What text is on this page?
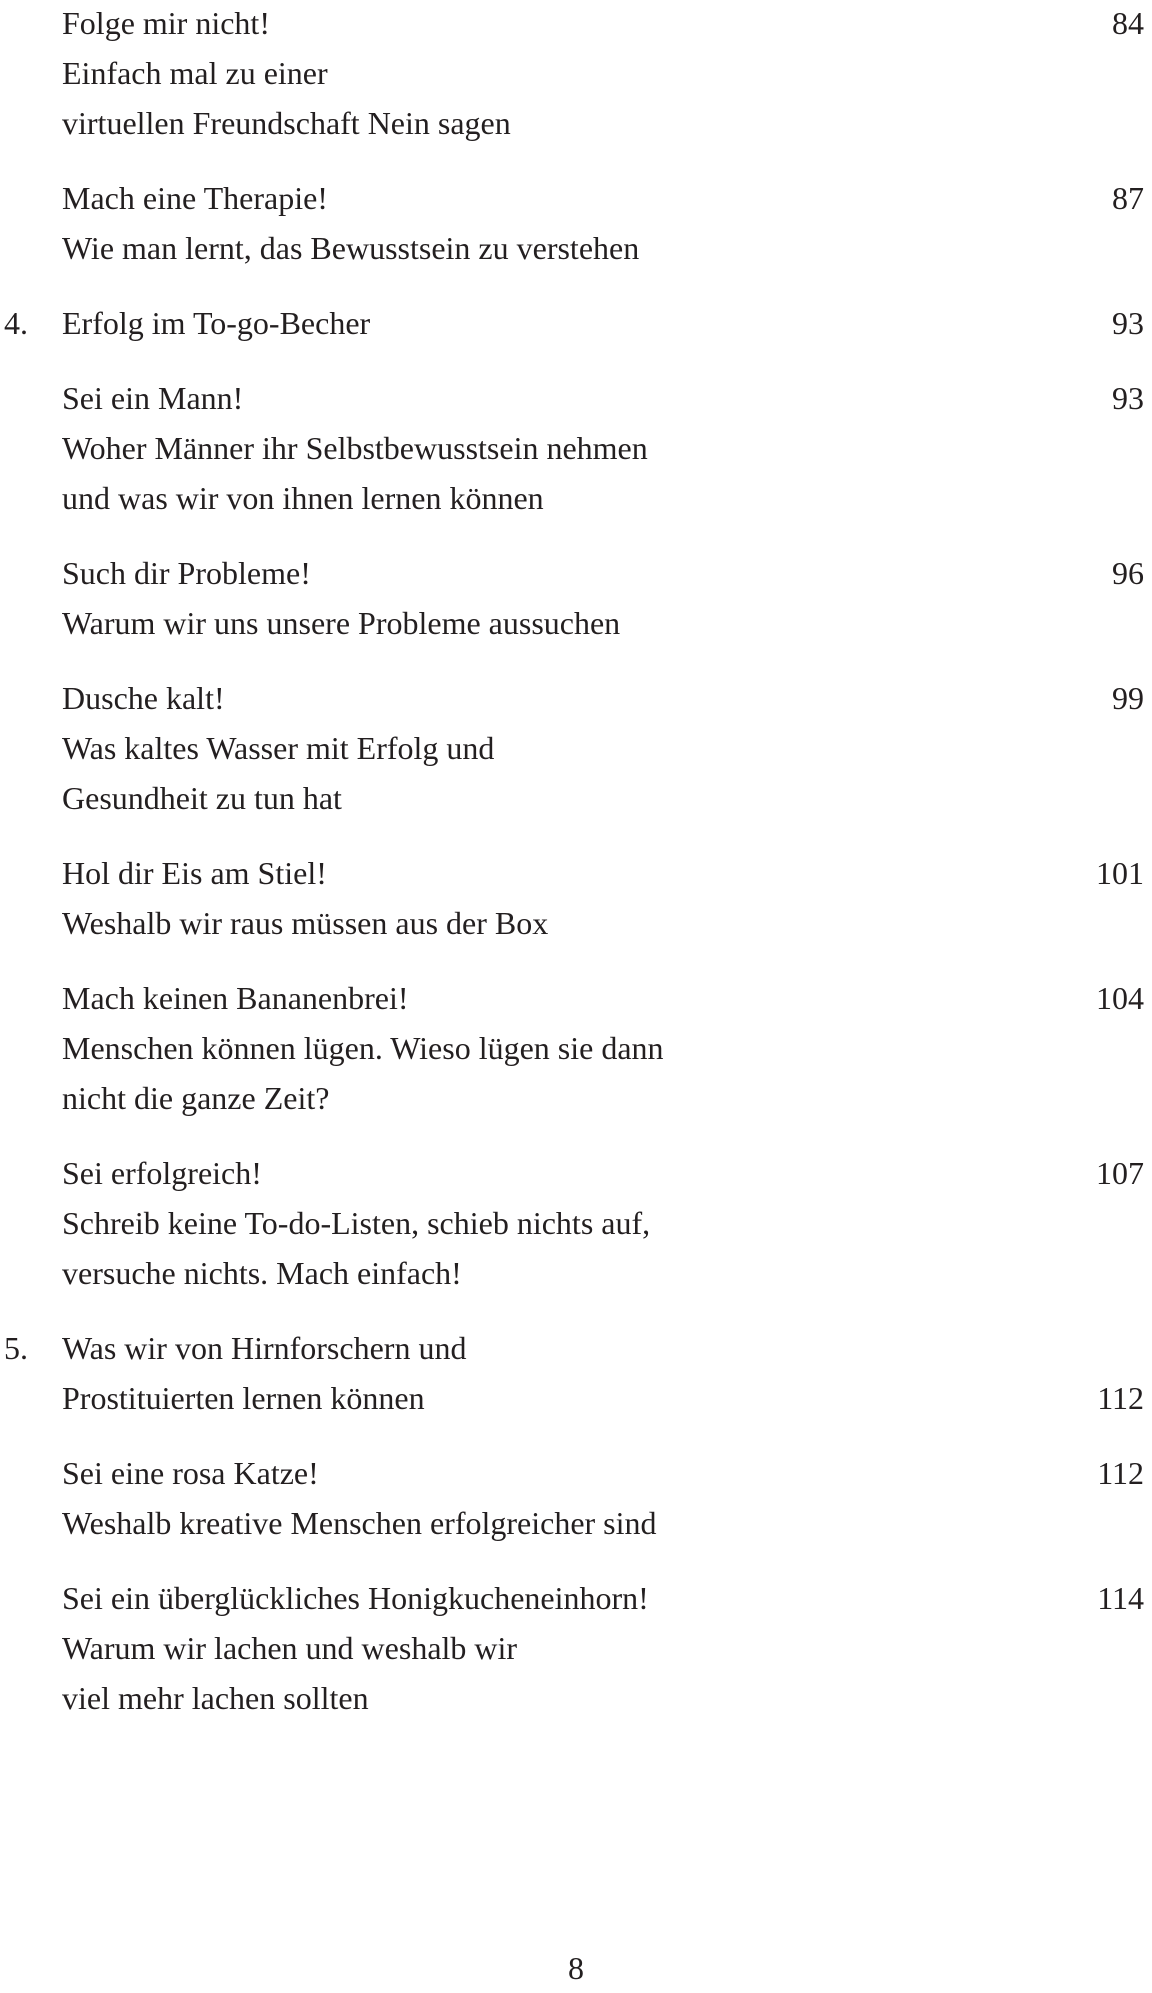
Folge mir nicht!	84
Einfach mal zu einer
virtuellen Freundschaft Nein sagen
Mach eine Therapie!	87
Wie man lernt, das Bewusstsein zu verstehen
4. Erfolg im To-go-Becher	93
Sei ein Mann!	93
Woher Männer ihr Selbstbewusstsein nehmen
und was wir von ihnen lernen können
Such dir Probleme!	96
Warum wir uns unsere Probleme aussuchen
Dusche kalt!	99
Was kaltes Wasser mit Erfolg und
Gesundheit zu tun hat
Hol dir Eis am Stiel!	101
Weshalb wir raus müssen aus der Box
Mach keinen Bananenbrei!	104
Menschen können lügen. Wieso lügen sie dann
nicht die ganze Zeit?
Sei erfolgreich!	107
Schreib keine To-do-Listen, schieb nichts auf,
versuche nichts. Mach einfach!
5. Was wir von Hirnforschern und
Prostituierten lernen können	112
Sei eine rosa Katze!	112
Weshalb kreative Menschen erfolgreicher sind
Sei ein überglückliches Honigkucheneinhorn!	114
Warum wir lachen und weshalb wir
viel mehr lachen sollten
8
